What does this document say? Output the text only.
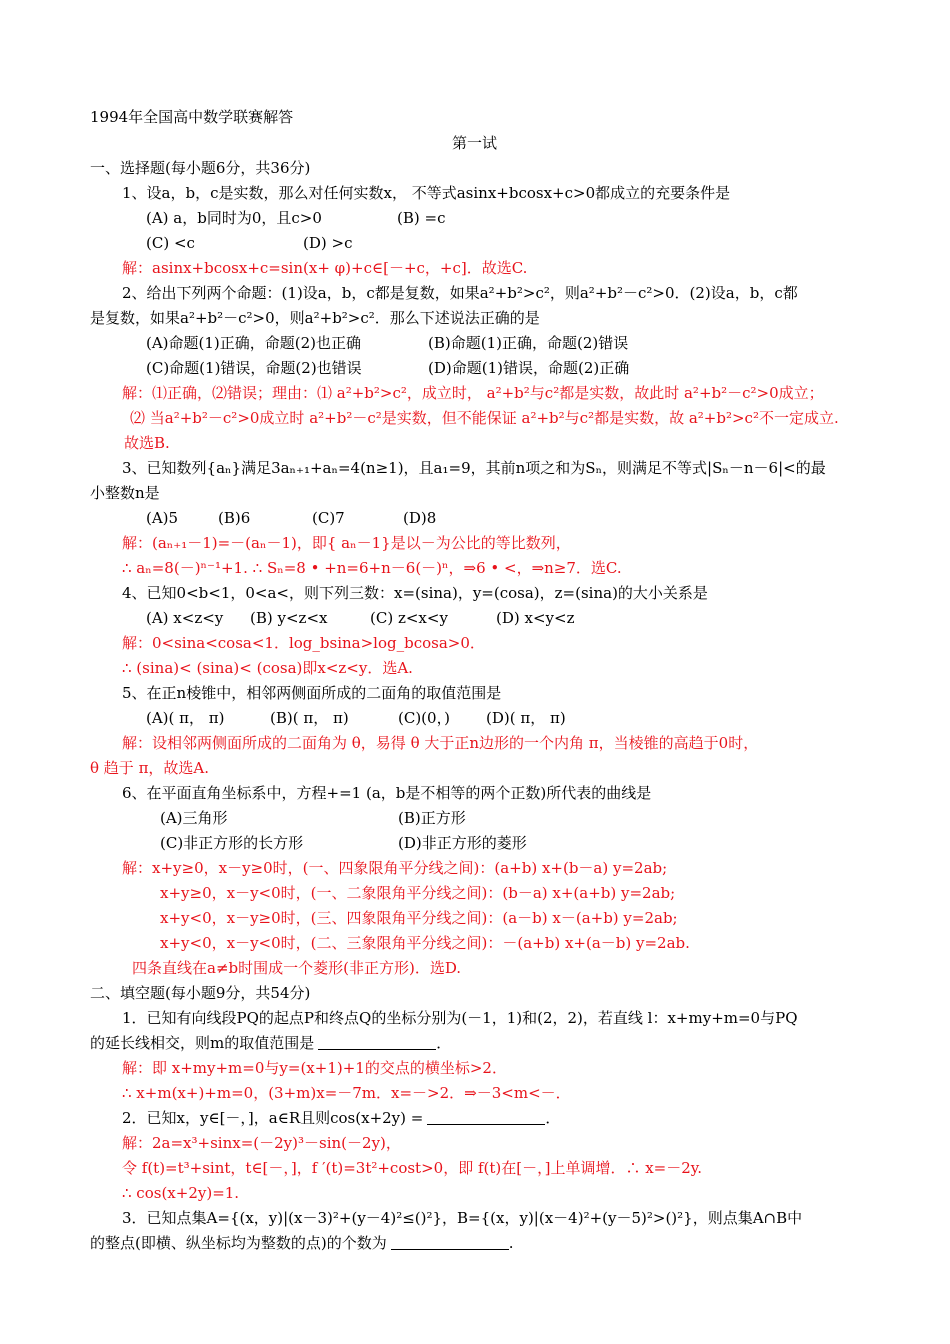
1994年全国高中数学联赛解答
第一试
一、选择题(每小题6分，共36分)
1、设a，b，c是实数，那么对任何实数x， 不等式asinx+bcosx+c>0都成立的充要条件是
(A) a，b同时为0，且c>0	(B) =c
(C) <c	(D) >c
解：asinx+bcosx+c=sin(x+ φ)+c∈[－+c，+c]．故选C.
2、给出下列两个命题：(1)设a，b，c都是复数，如果a²+b²>c²，则a²+b²－c²>0．(2)设a，b，c都
是复数，如果a²+b²－c²>0，则a²+b²>c²．那么下述说法正确的是
(A)命题(1)正确，命题(2)也正确	(B)命题(1)正确，命题(2)错误
(C)命题(1)错误，命题(2)也错误	(D)命题(1)错误，命题(2)正确
解：⑴正确，⑵错误；理由：⑴ a²+b²>c²，成立时， a²+b²与c²都是实数，故此时 a²+b²－c²>0成立；
⑵ 当a²+b²－c²>0成立时 a²+b²－c²是实数，但不能保证 a²+b²与c²都是实数，故 a²+b²>c²不一定成立.
故选B.
3、已知数列{aₙ}满足3aₙ₊₁+aₙ=4(n≥1)，且a₁=9，其前n项之和为Sₙ，则满足不等式|Sₙ－n－6|<的最
小整数n是
(A)5	(B)6	(C)7	(D)8
解：(aₙ₊₁－1)=－(aₙ－1)，即{ aₙ－1}是以－为公比的等比数列，
∴ aₙ=8(－)ⁿ⁻¹+1. ∴ Sₙ=8 • +n=6+n－6(－)ⁿ，⇒6 • <，⇒n≥7．选C.
4、已知0<b<1，0<a<，则下列三数：x=(sina)，y=(cosa)，z=(sina)的大小关系是
(A) x<z<y (B) y<z<x	(C) z<x<y	(D) x<y<z
解：0<sina<cosa<1．log_bsina>log_bcosa>0．
∴ (sina)< (sina)< (cosa)即x<z<y．选A.
5、在正n棱锥中，相邻两侧面所成的二面角的取值范围是
(A)( π， π)	(B)( π， π)	(C)(0，) (D)( π， π)
解：设相邻两侧面所成的二面角为 θ，易得 θ 大于正n边形的一个内角 π，当棱锥的高趋于0时，
θ 趋于 π，故选A.
6、在平面直角坐标系中，方程+=1 (a，b是不相等的两个正数)所代表的曲线是
(A)三角形	(B)正方形
(C)非正方形的长方形	(D)非正方形的菱形
解：x+y≥0，x－y≥0时，(一、四象限角平分线之间)：(a+b) x+(b－a) y=2ab;
x+y≥0，x－y<0时，(一、二象限角平分线之间)：(b－a) x+(a+b) y=2ab;
x+y<0，x－y≥0时，(三、四象限角平分线之间)：(a－b) x－(a+b) y=2ab;
x+y<0，x－y<0时，(二、三象限角平分线之间)：－(a+b) x+(a－b) y=2ab.
四条直线在a≠b时围成一个菱形(非正方形)．选D.
二、填空题(每小题9分，共54分)
1．已知有向线段PQ的起点P和终点Q的坐标分别为(－1，1)和(2，2)，若直线 l：x+my+m=0与PQ
的延长线相交，则m的取值范围是	．
解：即 x+my+m=0与y=(x+1)+1的交点的横坐标>2．
∴ x+m(x+)+m=0，(3+m)x=－7m．x=－>2．⇒－3<m<－．
2．已知x，y∈[－，]，a∈R且则cos(x+2y) =	．
解：2a=x³+sinx=(－2y)³－sin(－2y)，
令 f(t)=t³+sint，t∈[－，]，f ′(t)=3t²+cost>0，即 f(t)在[－，]上单调增．∴ x=－2y.
∴ cos(x+2y)=1.
3．已知点集A={(x，y)|(x－3)²+(y－4)²≤()²}，B={(x，y)|(x－4)²+(y－5)²>()²}，则点集A∩B中
的整点(即横、纵坐标均为整数的点)的个数为	.
